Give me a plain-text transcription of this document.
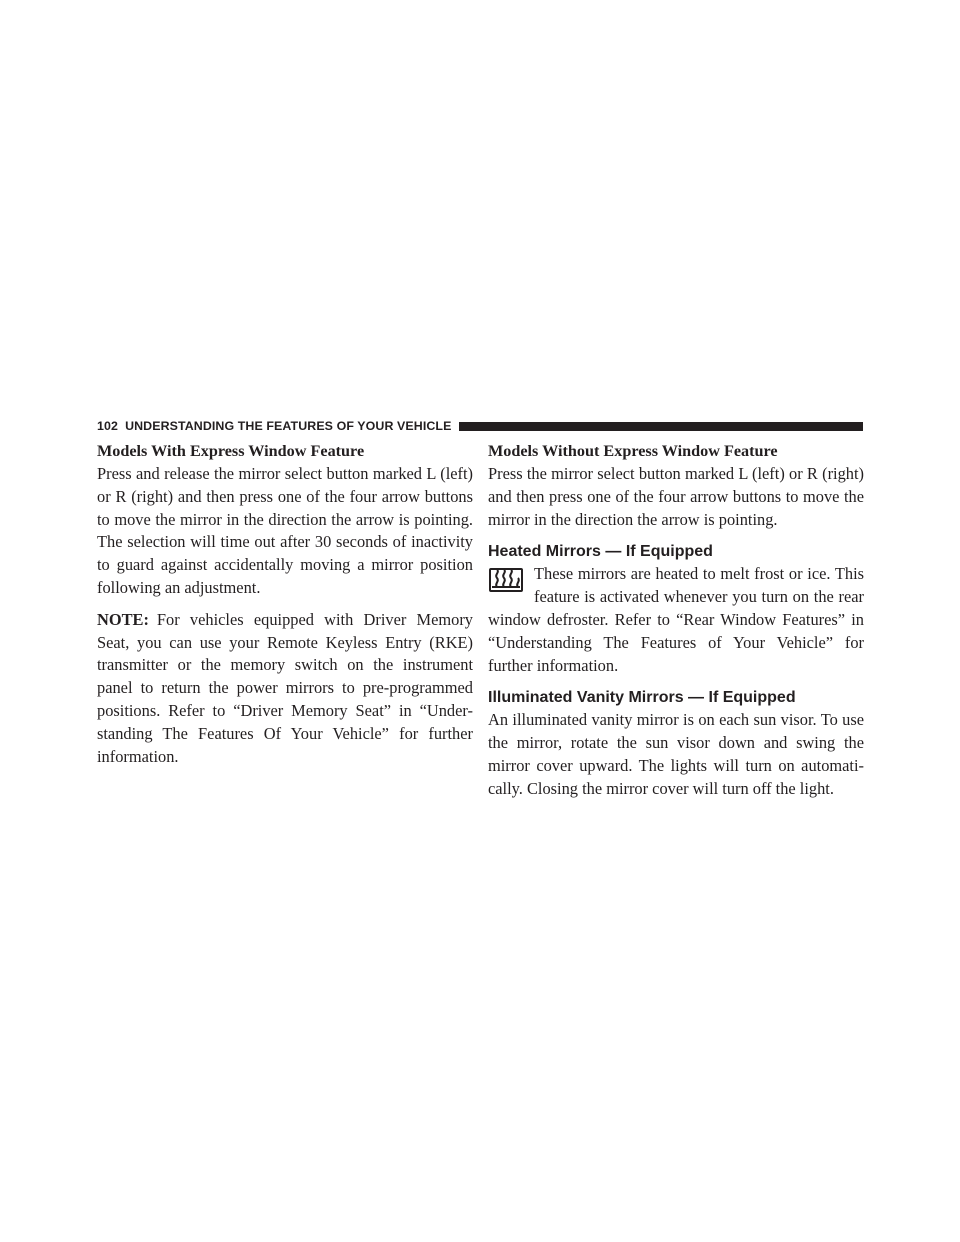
102 UNDERSTANDING THE FEATURES OF YOUR VEHICLE
Models With Express Window Feature

Press and release the mirror select button marked L (left) or R (right) and then press one of the four arrow buttons to move the mirror in the direction the arrow is pointing. The selection will time out after 30 seconds of inactivity to guard against accidentally moving a mirror position following an adjustment.

NOTE: For vehicles equipped with Driver Memory Seat, you can use your Remote Keyless Entry (RKE) transmitter or the memory switch on the instrument panel to return the power mirrors to pre-programmed positions. Refer to “Driver Memory Seat” in “Under-standing The Features Of Your Vehicle” for further information.

Models Without Express Window Feature

Press the mirror select button marked L (left) or R (right) and then press one of the four arrow buttons to move the mirror in the direction the arrow is pointing.

Heated Mirrors — If Equipped

These mirrors are heated to melt frost or ice. This feature is activated whenever you turn on the rear window defroster. Refer to “Rear Window Features” in “Understanding The Features of Your Vehicle” for further information.

Illuminated Vanity Mirrors — If Equipped

An illuminated vanity mirror is on each sun visor. To use the mirror, rotate the sun visor down and swing the mirror cover upward. The lights will turn on automati-cally. Closing the mirror cover will turn off the light.
